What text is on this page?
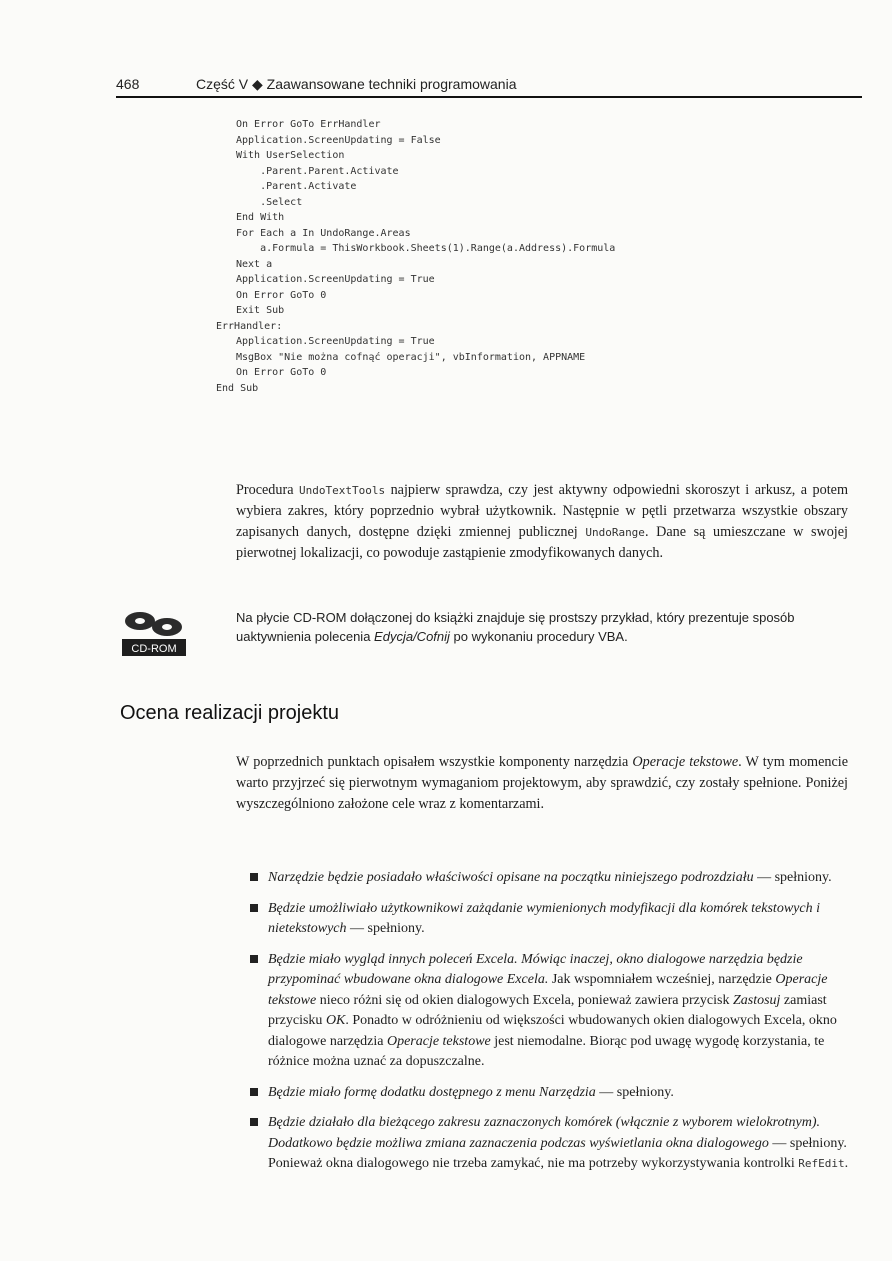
468	Część V ◆ Zaawansowane techniki programowania
On Error GoTo ErrHandler
Application.ScreenUpdating = False
With UserSelection
.Parent.Parent.Activate
.Parent.Activate
.Select
End With
For Each a In UndoRange.Areas
a.Formula = ThisWorkbook.Sheets(1).Range(a.Address).Formula
Next a
Application.ScreenUpdating = True
On Error GoTo 0
Exit Sub
ErrHandler:
Application.ScreenUpdating = True
MsgBox "Nie można cofnąć operacji", vbInformation, APPNAME
On Error GoTo 0
End Sub

Procedura UndoTextTools najpierw sprawdza, czy jest aktywny odpowiedni skoroszyt i arkusz, a potem wybiera zakres, który poprzednio wybrał użytkownik. Następnie w pętli przetwarza wszystkie obszary zapisanych danych, dostępne dzięki zmiennej publicznej UndoRange. Dane są umieszczane w swojej pierwotnej lokalizacji, co powoduje zastąpienie zmodyfikowanych danych.

CD-ROM

Na płycie CD-ROM dołączonej do książki znajduje się prostszy przykład, który prezentuje sposób uaktywnienia polecenia Edycja/Cofnij po wykonaniu procedury VBA.

Ocena realizacji projektu

W poprzednich punktach opisałem wszystkie komponenty narzędzia Operacje tekstowe. W tym momencie warto przyjrzeć się pierwotnym wymaganiom projektowym, aby sprawdzić, czy zostały spełnione. Poniżej wyszczególniono założone cele wraz z komentarzami.

Narzędzie będzie posiadało właściwości opisane na początku niniejszego podrozdziału — spełniony.
Będzie umożliwiało użytkownikowi zażądanie wymienionych modyfikacji dla komórek tekstowych i nietekstowych — spełniony.
Będzie miało wygląd innych poleceń Excela. Mówiąc inaczej, okno dialogowe narzędzia będzie przypominać wbudowane okna dialogowe Excela. Jak wspomniałem wcześniej, narzędzie Operacje tekstowe nieco różni się od okien dialogowych Excela, ponieważ zawiera przycisk Zastosuj zamiast przycisku OK. Ponadto w odróżnieniu od większości wbudowanych okien dialogowych Excela, okno dialogowe narzędzia Operacje tekstowe jest niemodalne. Biorąc pod uwagę wygodę korzystania, te różnice można uznać za dopuszczalne.
Będzie miało formę dodatku dostępnego z menu Narzędzia — spełniony.
Będzie działało dla bieżącego zakresu zaznaczonych komórek (włącznie z wyborem wielokrotnym). Dodatkowo będzie możliwa zmiana zaznaczenia podczas wyświetlania okna dialogowego — spełniony. Ponieważ okna dialogowego nie trzeba zamykać, nie ma potrzeby wykorzystywania kontrolki RefEdit.
